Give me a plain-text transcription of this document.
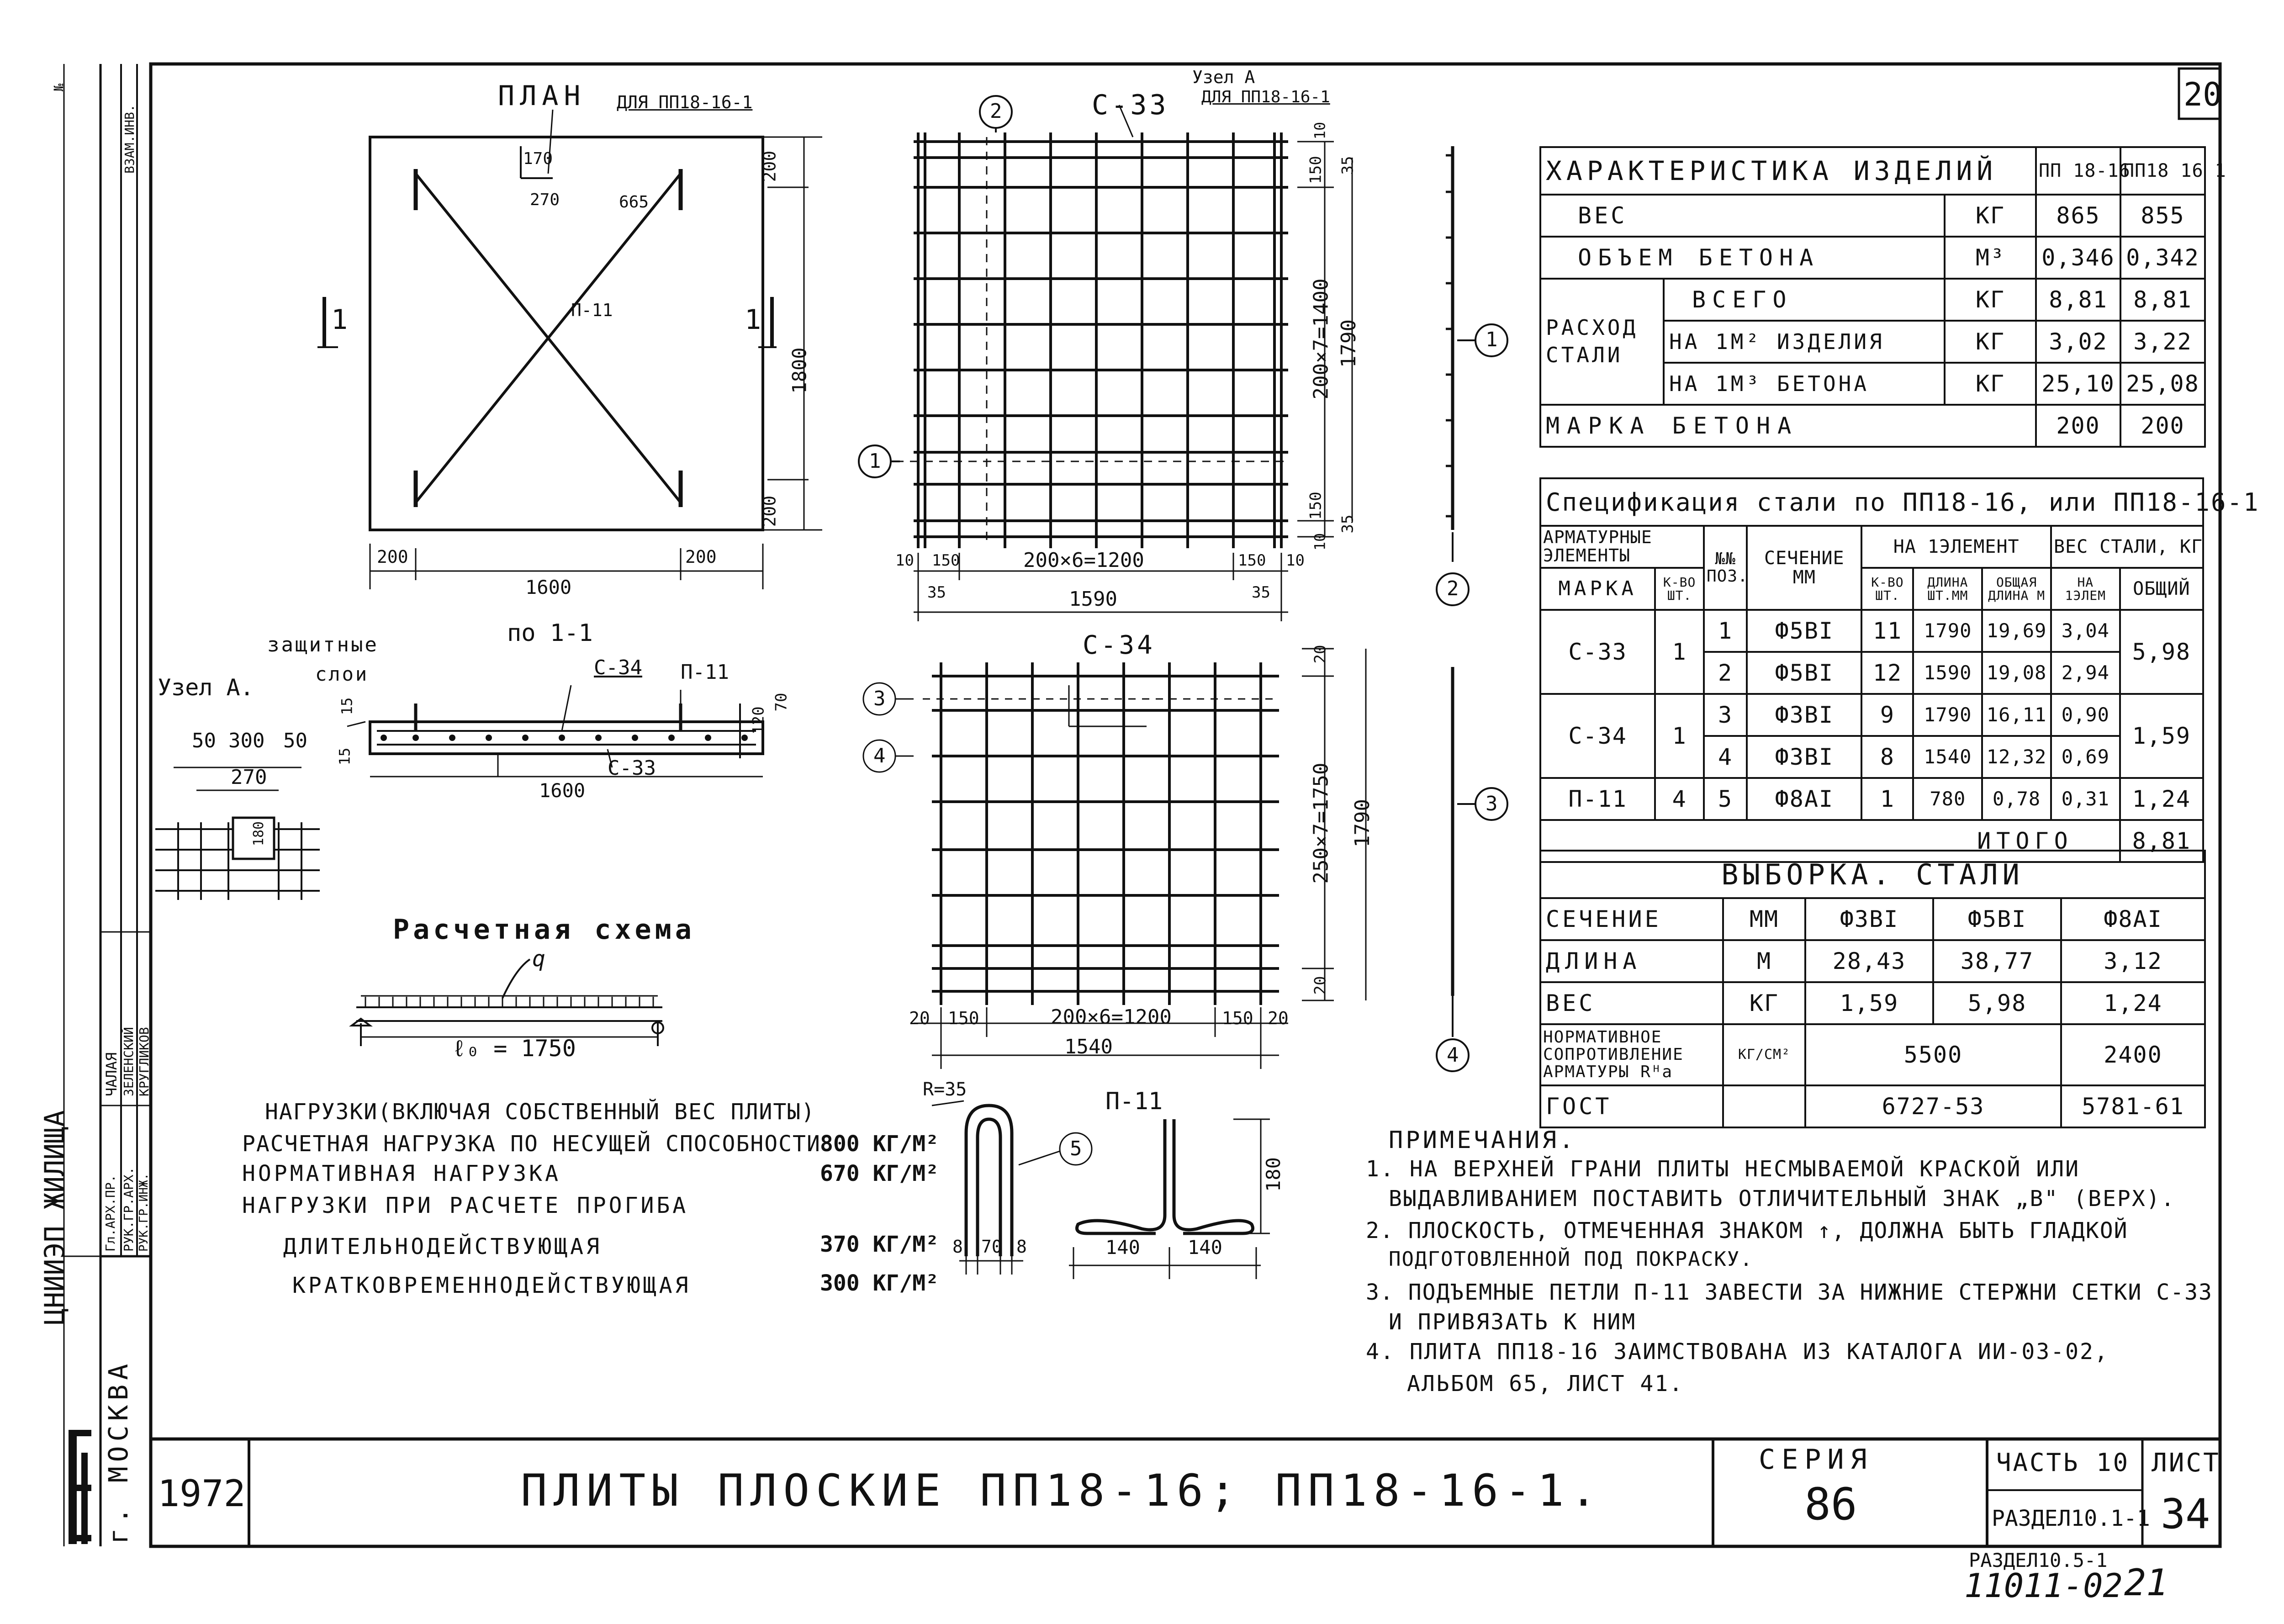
20
1972	ПЛИТЫ ПЛОСКИЕ ПП18-16; ПП18-16-1.
СЕРИЯ
86
ЧАСТЬ 10
РАЗДЕЛ10.1-1
ЛИСТ
34
РАЗДЕЛ10.5-1
11011-02 21
ЦНИИЭП ЖИЛИЩА
г. МОСКВА
Гл.АРХ.ПР. РУК.ГР.АРХ. РУК.ГР.ИНЖ.
ЧАЛАЯ ЗЕЛЕНСКИЙ КРУГЛИКОВ
ВЗАМ.ИНВ.
№	ПЛАН ДЛЯ ПП18-16-1
170
270	665
П-11
200
1800
200
200	200
1600
1	1
по 1-1
защитные
слои
Узел А.
С-34 П-11
С-33
1600
15
15
120
70
50 300 50
270
180
Расчетная схема
q
ℓ₀ = 1750
НАГРУЗКИ(ВКЛЮЧАЯ СОБСТВЕННЫЙ ВЕС ПЛИТЫ)
РАСЧЕТНАЯ НАГРУЗКА ПО НЕСУЩЕЙ СПОСОБНОСТИ
800 КГ/М²
НОРМАТИВНАЯ НАГРУЗКА	670 КГ/М²
НАГРУЗКИ ПРИ РАСЧЕТЕ ПРОГИБА
ДЛИТЕЛЬНОДЕЙСТВУЮЩАЯ	370 КГ/М²
КРАТКОВРЕМЕННОДЕЙСТВУЮЩАЯ	300 КГ/М²
С-33
Узел А
ДЛЯ ПП18-16-1
2
1
1
2
10
35
150
200×7=1400 1790
150
35
10
10 150	200×6=1200	150 10
35	1590	35
С-34
3
4
3
4
20
250×7=1750 1790
20
20 150	200×6=1200	150 20
1540
П-11
R=35
5
180
8 70 8	140 140
ХАРАКТЕРИСТИКА ИЗДЕЛИЙ			ПП 18-16	ПП18 16 1
ВЕС		КГ	865	855
ОБЪЕМ БЕТОНА		М³	0,346	0,342
РАСХОД СТАЛИ	ВСЕГО	КГ	8,81	8,81
	НА 1М² ИЗДЕЛИЯ	КГ	3,02	3,22
	НА 1М³ БЕТОНА	КГ	25,10	25,08
МАРКА БЕТОНА			200	200
Спецификация стали по ПП18-16, или ПП18-16-1								
АРМАТУРНЫЕ ЭЛЕМЕНТЫ		№№ ПОЗ.	СЕЧЕНИЕ ММ	НА 1ЭЛЕМЕНТ			ВЕС СТАЛИ, КГ	
МАРКА	К-ВО ШТ.			К-ВО ШТ.	ДЛИНА ШТ.ММ	ОБЩАЯ ДЛИНА М	НА 1ЭЛЕМ	ОБЩИЙ
С-33	1	1	Ф5ВI	11	1790	19,69	3,04	5,98
		2	Ф5ВI	12	1590	19,08	2,94	
С-34	1	3	Ф3ВI	9	1790	16,11	0,90	1,59
		4	Ф3ВI	8	1540	12,32	0,69	
П-11	4	5	Ф8АI	1	780	0,78	0,31	1,24
ИТОГО								8,81
ВЫБОРКА. СТАЛИ				
СЕЧЕНИЕ	ММ	Ф3ВI	Ф5ВI	Ф8АI
ДЛИНА	М	28,43	38,77	3,12
ВЕС	КГ	1,59	5,98	1,24
НОРМАТИВНОЕ СОПРОТИВЛЕНИЕ АРМАТУРЫ Rᴴа	КГ/СМ²	5500		2400
ГОСТ		6727-53		5781-61
ПРИМЕЧАНИЯ.
1. НА ВЕРХНЕЙ ГРАНИ ПЛИТЫ НЕСМЫВАЕМОЙ КРАСКОЙ ИЛИ
ВЫДАВЛИВАНИЕМ ПОСТАВИТЬ ОТЛИЧИТЕЛЬНЫЙ ЗНАК „В" (ВЕРХ).
2. ПЛОСКОСТЬ, ОТМЕЧЕННАЯ ЗНАКОМ ↑, ДОЛЖНА БЫТЬ ГЛАДКОЙ
ПОДГОТОВЛЕННОЙ ПОД ПОКРАСКУ.
3. ПОДЪЕМНЫЕ ПЕТЛИ П-11 ЗАВЕСТИ ЗА НИЖНИЕ СТЕРЖНИ СЕТКИ С-33
И ПРИВЯЗАТЬ К НИМ
4. ПЛИТА ПП18-16 ЗАИМСТВОВАНА ИЗ КАТАЛОГА ИИ-03-02,
АЛЬБОМ 65, ЛИСТ 41.
